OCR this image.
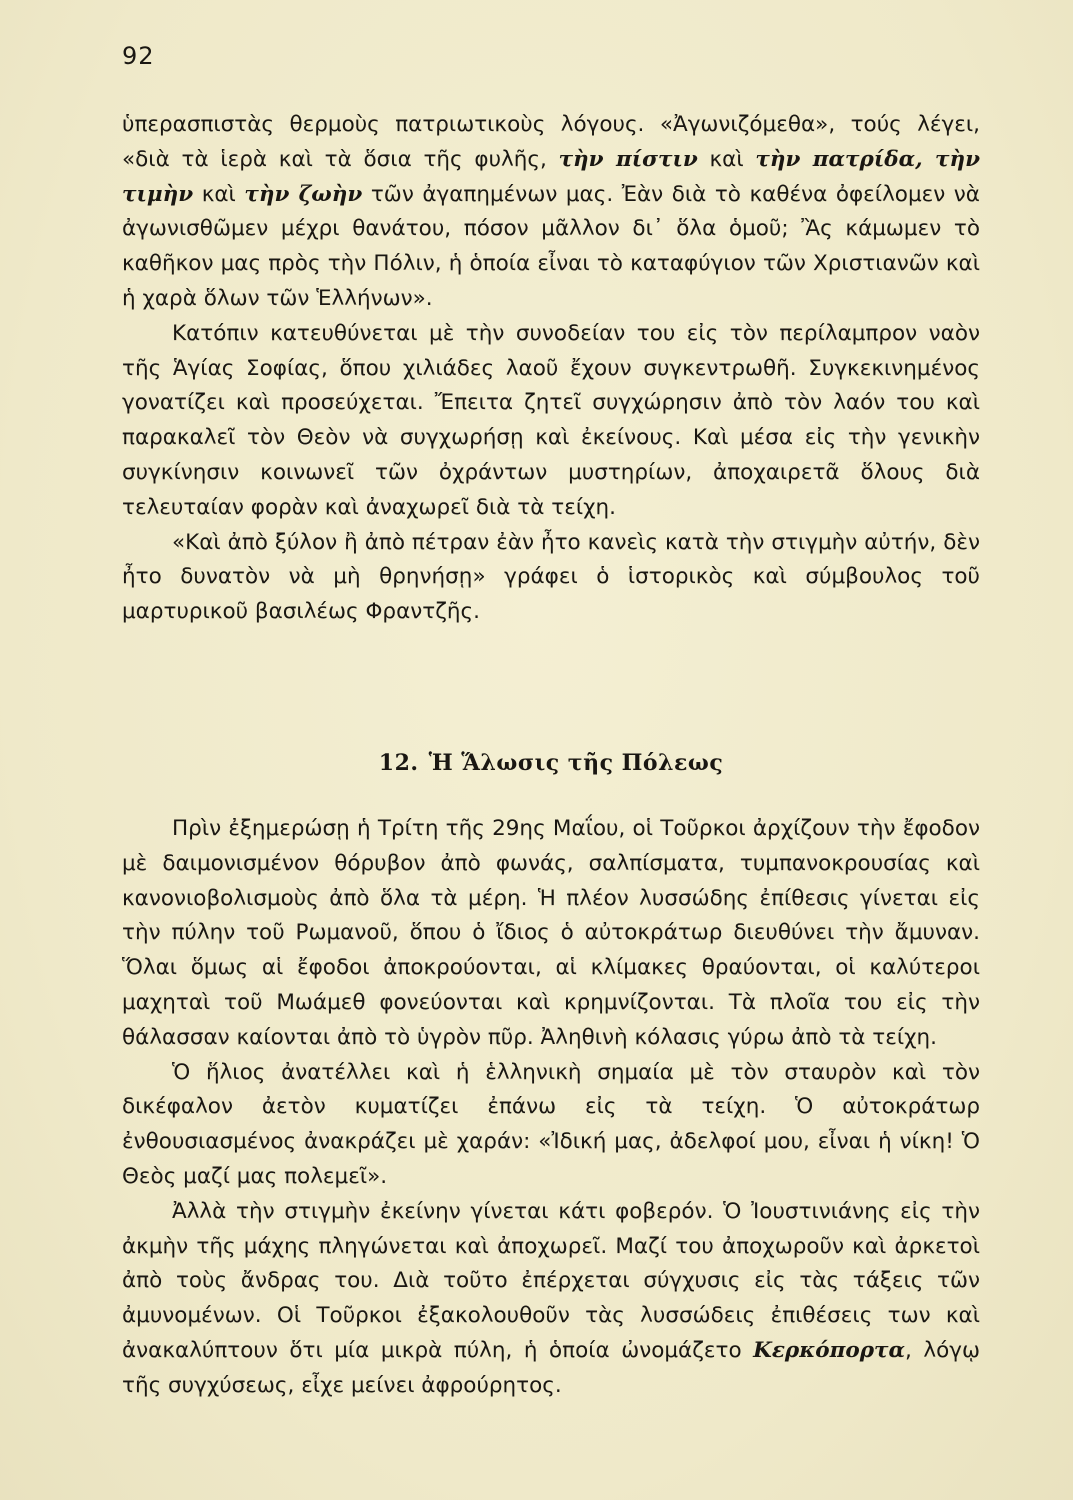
92

ὑπερασπιστὰς θερμοὺς πατριωτικοὺς λόγους. «Ἀγωνιζόμεθα», τούς λέγει, «διὰ τὰ ἱερὰ καὶ τὰ ὅσια τῆς φυλῆς, τὴν πίστιν καὶ τὴν πατρίδα, τὴν τιμὴν καὶ τὴν ζωὴν τῶν ἀγαπημένων μας. Ἐὰν διὰ τὸ καθένα ὀφείλομεν νὰ ἀγωνισθῶμεν μέχρι θανάτου, πόσον μᾶλλον δι᾿ ὅλα ὁμοῦ; Ἂς κάμωμεν τὸ καθῆκον μας πρὸς τὴν Πόλιν, ἡ ὁποία εἶναι τὸ καταφύγιον τῶν Χριστιανῶν καὶ ἡ χαρὰ ὅλων τῶν Ἑλλήνων».

Κατόπιν κατευθύνεται μὲ τὴν συνοδείαν του εἰς τὸν περίλαμπρον ναὸν τῆς Ἁγίας Σοφίας, ὅπου χιλιάδες λαοῦ ἔχουν συγκεντρωθῆ. Συγκεκινημένος γονατίζει καὶ προσεύχεται. Ἔπειτα ζητεῖ συγχώρησιν ἀπὸ τὸν λαόν του καὶ παρακαλεῖ τὸν Θεὸν νὰ συγχωρήσῃ καὶ ἐκείνους. Καὶ μέσα εἰς τὴν γενικὴν συγκίνησιν κοινωνεῖ τῶν ὀχράντων μυστηρίων, ἀποχαιρετᾶ ὅλους διὰ τελευταίαν φορὰν καὶ ἀναχωρεῖ διὰ τὰ τείχη.

«Καὶ ἀπὸ ξύλον ἢ ἀπὸ πέτραν ἐὰν ἦτο κανεὶς κατὰ τὴν στιγμὴν αὐτήν, δὲν ἦτο δυνατὸν νὰ μὴ θρηνήσῃ» γράφει ὁ ἱστορικὸς καὶ σύμβουλος τοῦ μαρτυρικοῦ βασιλέως Φραντζῆς.

12. Ἡ Ἅλωσις τῆς Πόλεως

Πρὶν ἐξημερώσῃ ἡ Τρίτη τῆς 29ης Μαΐου, οἱ Τοῦρκοι ἀρχίζουν τὴν ἔφοδον μὲ δαιμονισμένον θόρυβον ἀπὸ φωνάς, σαλπίσματα, τυμπανοκρουσίας καὶ κανονιοβολισμοὺς ἀπὸ ὅλα τὰ μέρη. Ἡ πλέον λυσσώδης ἐπίθεσις γίνεται εἰς τὴν πύλην τοῦ Ρωμανοῦ, ὅπου ὁ ἴδιος ὁ αὐτοκράτωρ διευθύνει τὴν ἄμυναν. Ὅλαι ὅμως αἱ ἔφοδοι ἀποκρούονται, αἱ κλίμακες θραύονται, οἱ καλύτεροι μαχηταὶ τοῦ Μωάμεθ φονεύονται καὶ κρημνίζονται. Τὰ πλοῖα του εἰς τὴν θάλασσαν καίονται ἀπὸ τὸ ὑγρὸν πῦρ. Ἀληθινὴ κόλασις γύρω ἀπὸ τὰ τείχη.

Ὁ ἥλιος ἀνατέλλει καὶ ἡ ἑλληνικὴ σημαία μὲ τὸν σταυρὸν καὶ τὸν δικέφαλον ἀετὸν κυματίζει ἐπάνω εἰς τὰ τείχη. Ὁ αὐτοκράτωρ ἐνθουσιασμένος ἀνακράζει μὲ χαράν: «Ἰδική μας, ἀδελφοί μου, εἶναι ἡ νίκη! Ὁ Θεὸς μαζί μας πολεμεῖ».

Ἀλλὰ τὴν στιγμὴν ἐκείνην γίνεται κάτι φοβερόν. Ὁ Ἰουστινιάνης εἰς τὴν ἀκμὴν τῆς μάχης πληγώνεται καὶ ἀποχωρεῖ. Μαζί του ἀποχωροῦν καὶ ἀρκετοὶ ἀπὸ τοὺς ἄνδρας του. Διὰ τοῦτο ἐπέρχεται σύγχυσις εἰς τὰς τάξεις τῶν ἀμυνομένων. Οἱ Τοῦρκοι ἐξακολουθοῦν τὰς λυσσώδεις ἐπιθέσεις των καὶ ἀνακαλύπτουν ὅτι μία μικρὰ πύλη, ἡ ὁποία ὠνομάζετο Κερκόπορτα, λόγῳ τῆς συγχύσεως, εἶχε μείνει ἀφρούρητος.
